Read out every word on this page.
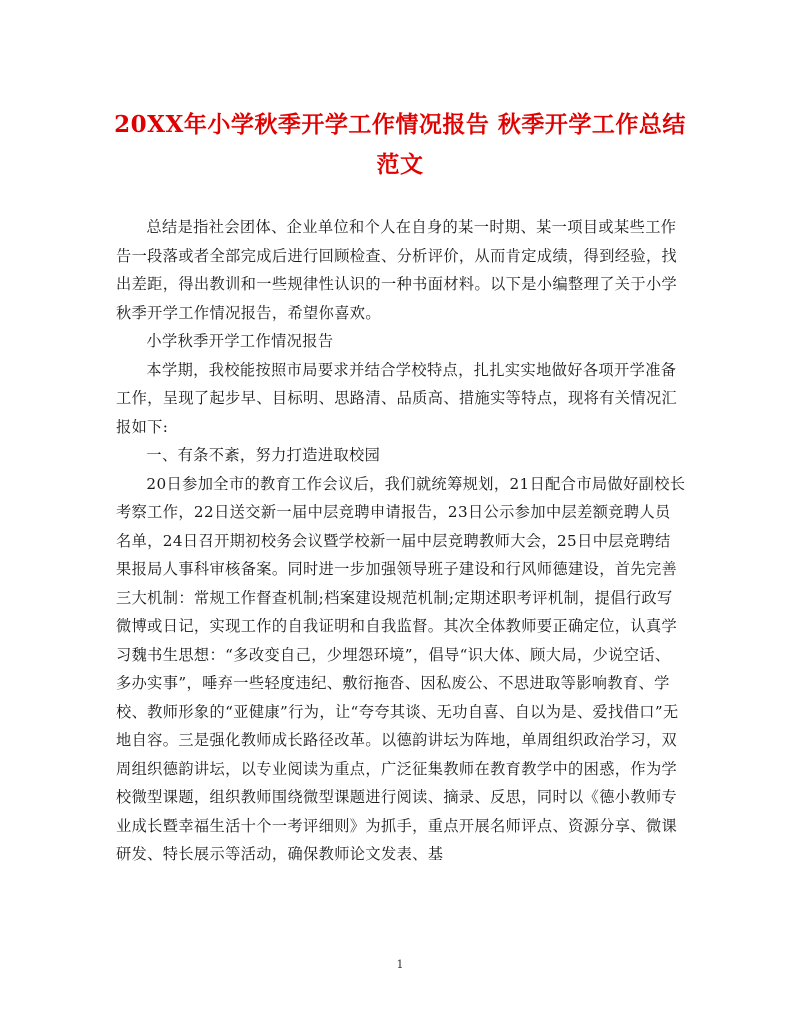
20XX年小学秋季开学工作情况报告 秋季开学工作总结范文

总结是指社会团体、企业单位和个人在自身的某一时期、某一项目或某些工作告一段落或者全部完成后进行回顾检查、分析评价，从而肯定成绩，得到经验，找出差距，得出教训和一些规律性认识的一种书面材料。以下是小编整理了关于小学秋季开学工作情况报告，希望你喜欢。

小学秋季开学工作情况报告

本学期，我校能按照市局要求并结合学校特点，扎扎实实地做好各项开学准备工作，呈现了起步早、目标明、思路清、品质高、措施实等特点，现将有关情况汇报如下:

一、有条不紊，努力打造进取校园

20日参加全市的教育工作会议后，我们就统筹规划，21日配合市局做好副校长考察工作，22日送交新一届中层竞聘申请报告，23日公示参加中层差额竞聘人员名单，24日召开期初校务会议暨学校新一届中层竞聘教师大会，25日中层竞聘结果报局人事科审核备案。同时进一步加强领导班子建设和行风师德建设，首先完善三大机制：常规工作督查机制;档案建设规范机制;定期述职考评机制，提倡行政写微博或日记，实现工作的自我证明和自我监督。其次全体教师要正确定位，认真学习魏书生思想：“多改变自己，少埋怨环境”，倡导“识大体、顾大局，少说空话、多办实事”，唾弃一些轻度违纪、敷衍拖沓、因私废公、不思进取等影响教育、学校、教师形象的“亚健康”行为，让“夸夸其谈、无功自喜、自以为是、爱找借口”无地自容。三是强化教师成长路径改革。以德韵讲坛为阵地，单周组织政治学习，双周组织德韵讲坛，以专业阅读为重点，广泛征集教师在教育教学中的困惑，作为学校微型课题，组织教师围绕微型课题进行阅读、摘录、反思，同时以《德小教师专业成长暨幸福生活十个一考评细则》为抓手，重点开展名师评点、资源分享、微课研发、特长展示等活动，确保教师论文发表、基

1
